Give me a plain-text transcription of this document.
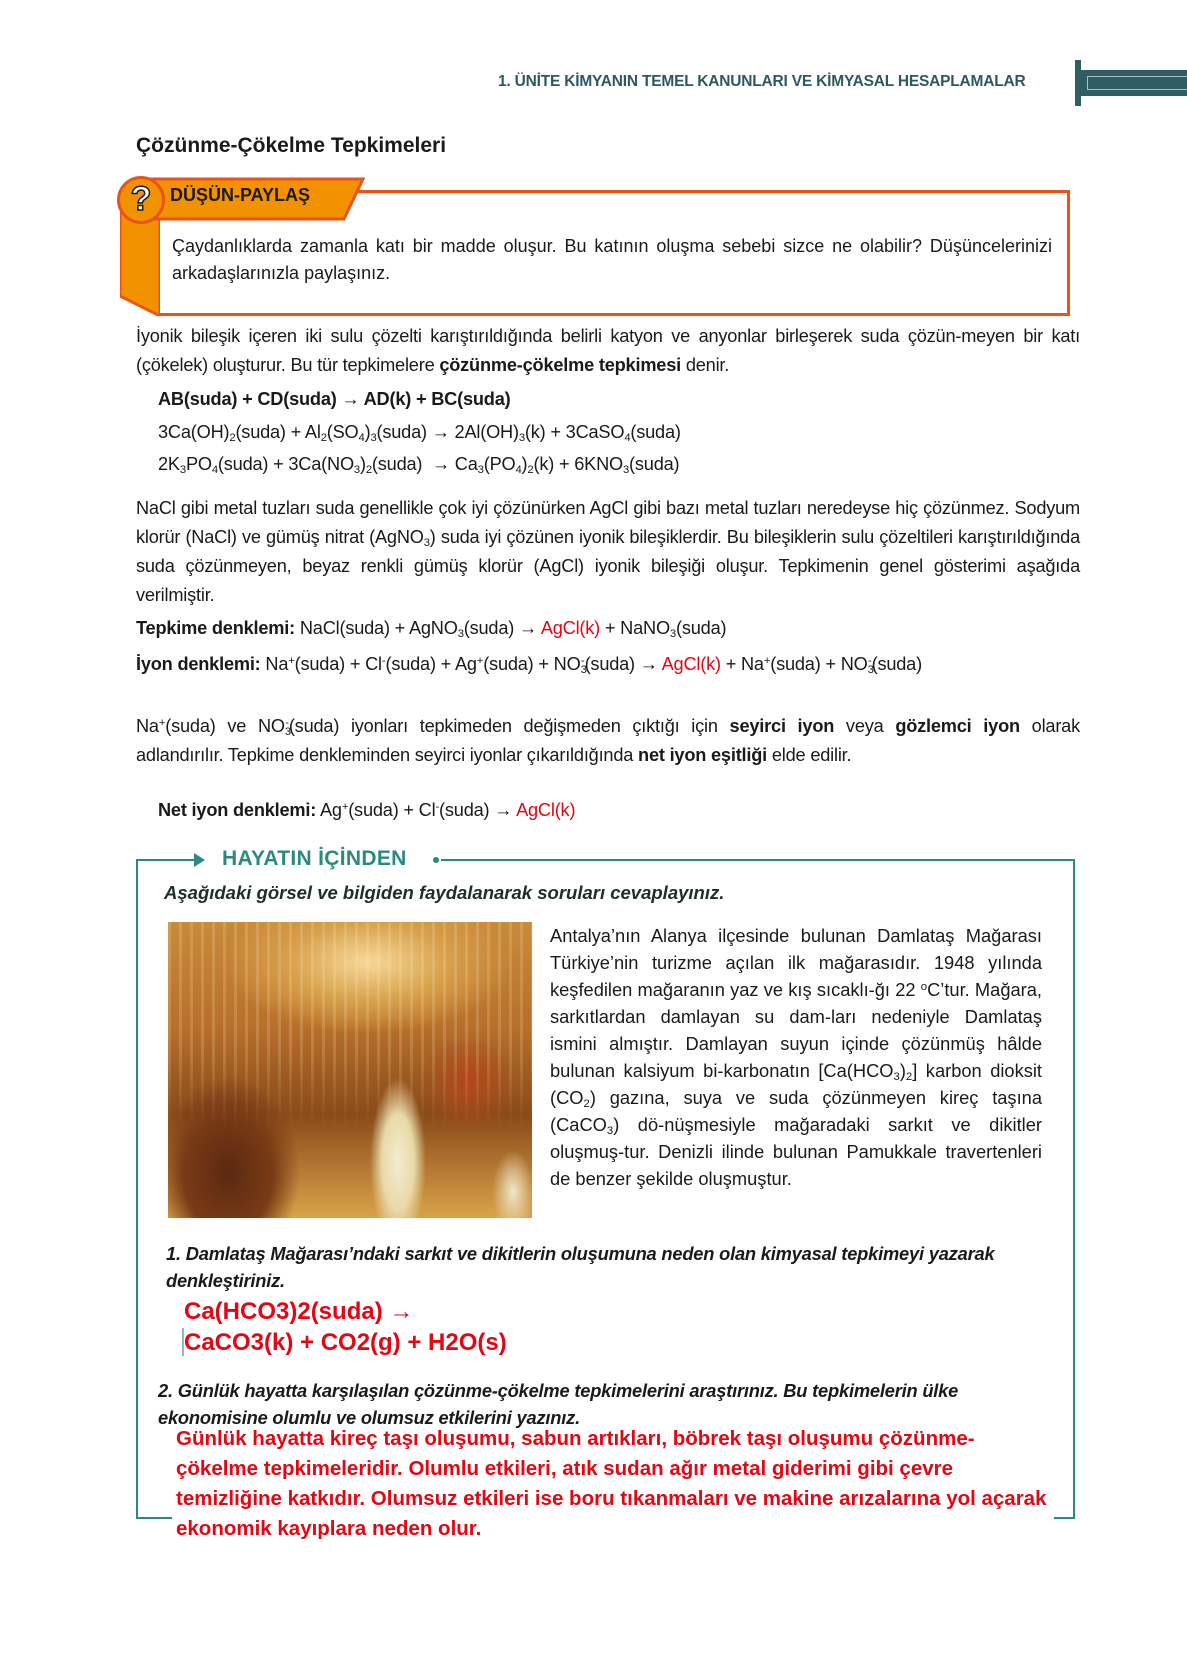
1. ÜNİTE KİMYANIN TEMEL KANUNLARI VE KİMYASAL HESAPLAMALAR
Çözünme-Çökelme Tepkimeleri
?	DÜŞÜN-PAYLAŞ
Çaydanlıklarda zamanla katı bir madde oluşur. Bu katının oluşma sebebi sizce ne olabilir? Düşüncelerinizi arkadaşlarınızla paylaşınız.
İyonik bileşik içeren iki sulu çözelti karıştırıldığında belirli katyon ve anyonlar birleşerek suda çözün-meyen bir katı (çökelek) oluşturur. Bu tür tepkimelere çözünme-çökelme tepkimesi denir.
AB(suda) + CD(suda) → AD(k) + BC(suda)
$3Ca(OH)_2(suda)$ + $Al_2(SO_4)_3(suda) \to 2Al(OH)_3(k)$ + 3CaSO$_4$(suda)
$2K_3PO_4(suda)$ + $3Ca(NO_3)_2(suda) \to Ca_3(PO_4)_2(k)$ + $6KNO_3(suda)$
NaCl gibi metal tuzları suda genellikle çok iyi çözünürken AgCl gibi bazı metal tuzları neredeyse hiç çözünmez. Sodyum klorür (NaCl) ve gümüş nitrat (AgNO$_3$) suda iyi çözünen iyonik bileşiklerdir. Bu bileşiklerin sulu çözeltileri karıştırıldığında suda çözünmeyen, beyaz renkli gümüş klorür (AgCl) iyonik bileşiği oluşur. Tepkimenin genel gösterimi aşağıda verilmiştir.
Tepkime denklemi: NaCl(suda) + AgNO$_3$(suda) → AgCl(k) + NaNO$_3$(suda)
İyon denklemi: Na+(suda) + Cl-(suda) + Ag+(suda) + $NO_3^-(suda)$ → AgCl(k) + Na+(suda) + $NO_3^-(suda)$
Na+(suda) ve $NO_3^-(suda)$ iyonları tepkimeden değişmeden çıktığı için seyirci iyon veya gözlemci iyon olarak adlandırılır. Tepkime denkleminden seyirci iyonlar çıkarıldığında net iyon eşitliği elde edilir.
Net iyon denklemi: Ag+(suda) + Cl-(suda) → AgCl(k)
HAYATIN İÇİNDEN
Aşağıdaki görsel ve bilgiden faydalanarak soruları cevaplayınız.
Antalya’nın Alanya ilçesinde bulunan Damlataş Mağarası Türkiye’nin turizme açılan ilk mağarasıdır. 1948 yılında keşfedilen mağaranın yaz ve kış sıcaklı-ğı 22 $^o$C’tur. Mağara, sarkıtlardan damlayan su dam-ları nedeniyle Damlataş ismini almıştır. Damlayan suyun içinde çözünmüş hâlde bulunan kalsiyum bi-karbonatın $[Ca(HCO_3)_2]$ karbon dioksit $(CO_2)$ gazına, suya ve suda çözünmeyen kireç taşına (CaCO$_3$) dö-nüşmesiyle mağaradaki sarkıt ve dikitler oluşmuş-tur. Denizli ilinde bulunan Pamukkale travertenleri de benzer şekilde oluşmuştur.
1. Damlataş Mağarası’ndaki sarkıt ve dikitlerin oluşumuna neden olan kimyasal tepkimeyi yazarak denkleştiriniz.
Ca(HCO3)2(suda) →
CaCO3(k) + CO2(g) + H2O(s)
2. Günlük hayatta karşılaşılan çözünme-çökelme tepkimelerini araştırınız. Bu tepkimelerin ülke ekonomisine olumlu ve olumsuz etkilerini yazınız.
Günlük hayatta kireç taşı oluşumu, sabun artıkları, böbrek taşı oluşumu çözünme-çökelme tepkimeleridir. Olumlu etkileri, atık sudan ağır metal giderimi gibi çevre temizliğine katkıdır. Olumsuz etkileri ise boru tıkanmaları ve makine arızalarına yol açarak ekonomik kayıplara neden olur.
